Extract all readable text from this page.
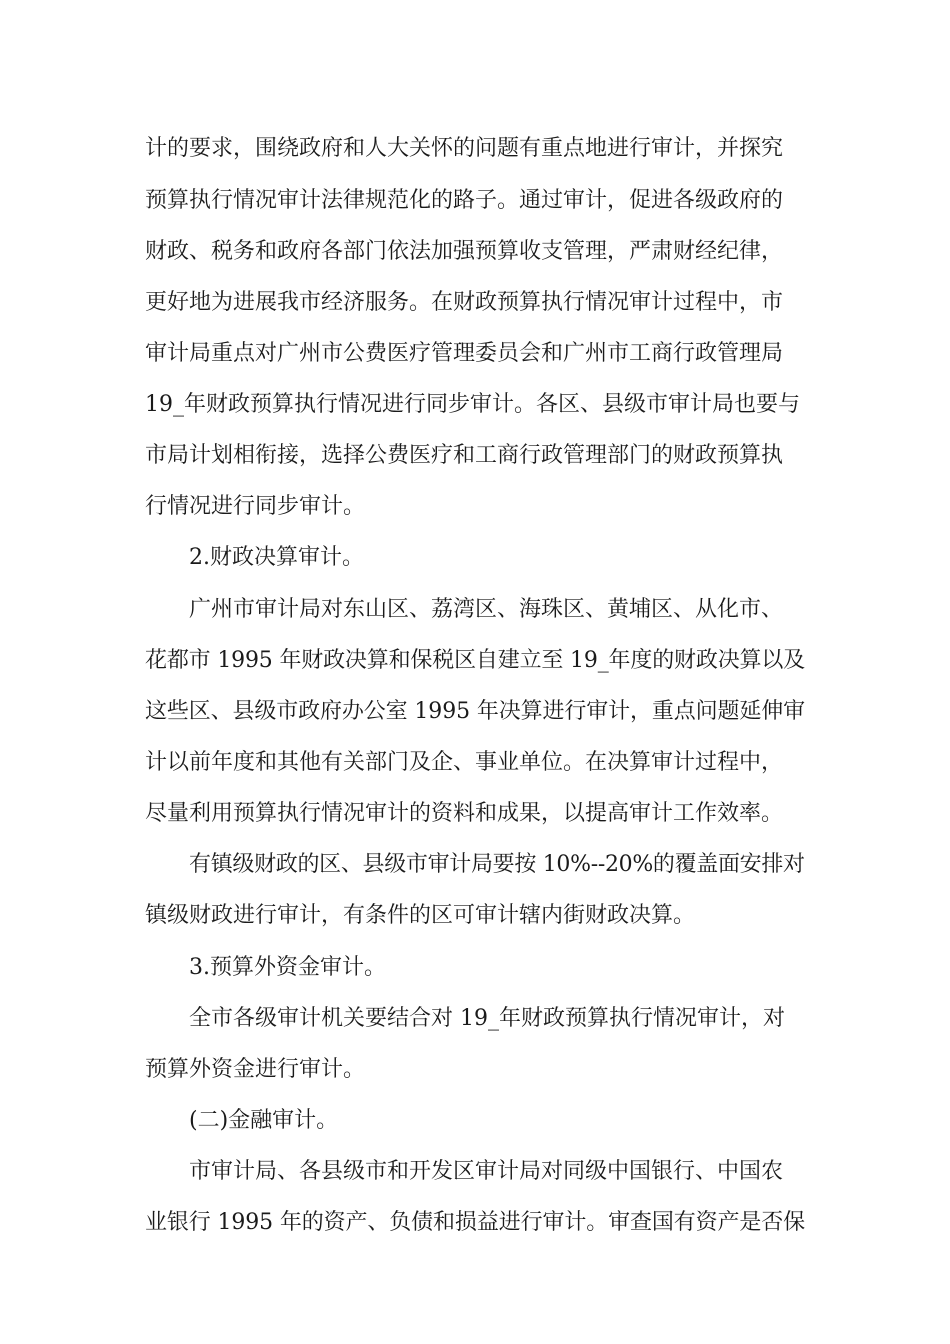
计的要求，围绕政府和人大关怀的问题有重点地进行审计，并探究
预算执行情况审计法律规范化的路子。通过审计，促进各级政府的
财政、税务和政府各部门依法加强预算收支管理，严肃财经纪律，
更好地为进展我市经济服务。在财政预算执行情况审计过程中，市
审计局重点对广州市公费医疗管理委员会和广州市工商行政管理局
19_年财政预算执行情况进行同步审计。各区、县级市审计局也要与
市局计划相衔接，选择公费医疗和工商行政管理部门的财政预算执
行情况进行同步审计。
2.财政决算审计。
广州市审计局对东山区、荔湾区、海珠区、黄埔区、从化市、
花都市 1995 年财政决算和保税区自建立至 19_年度的财政决算以及
这些区、县级市政府办公室 1995 年决算进行审计，重点问题延伸审
计以前年度和其他有关部门及企、事业单位。在决算审计过程中，
尽量利用预算执行情况审计的资料和成果，以提高审计工作效率。
有镇级财政的区、县级市审计局要按 10%--20%的覆盖面安排对
镇级财政进行审计，有条件的区可审计辖内街财政决算。
3.预算外资金审计。
全市各级审计机关要结合对 19_年财政预算执行情况审计，对
预算外资金进行审计。
(二)金融审计。
市审计局、各县级市和开发区审计局对同级中国银行、中国农
业银行 1995 年的资产、负债和损益进行审计。审查国有资产是否保
